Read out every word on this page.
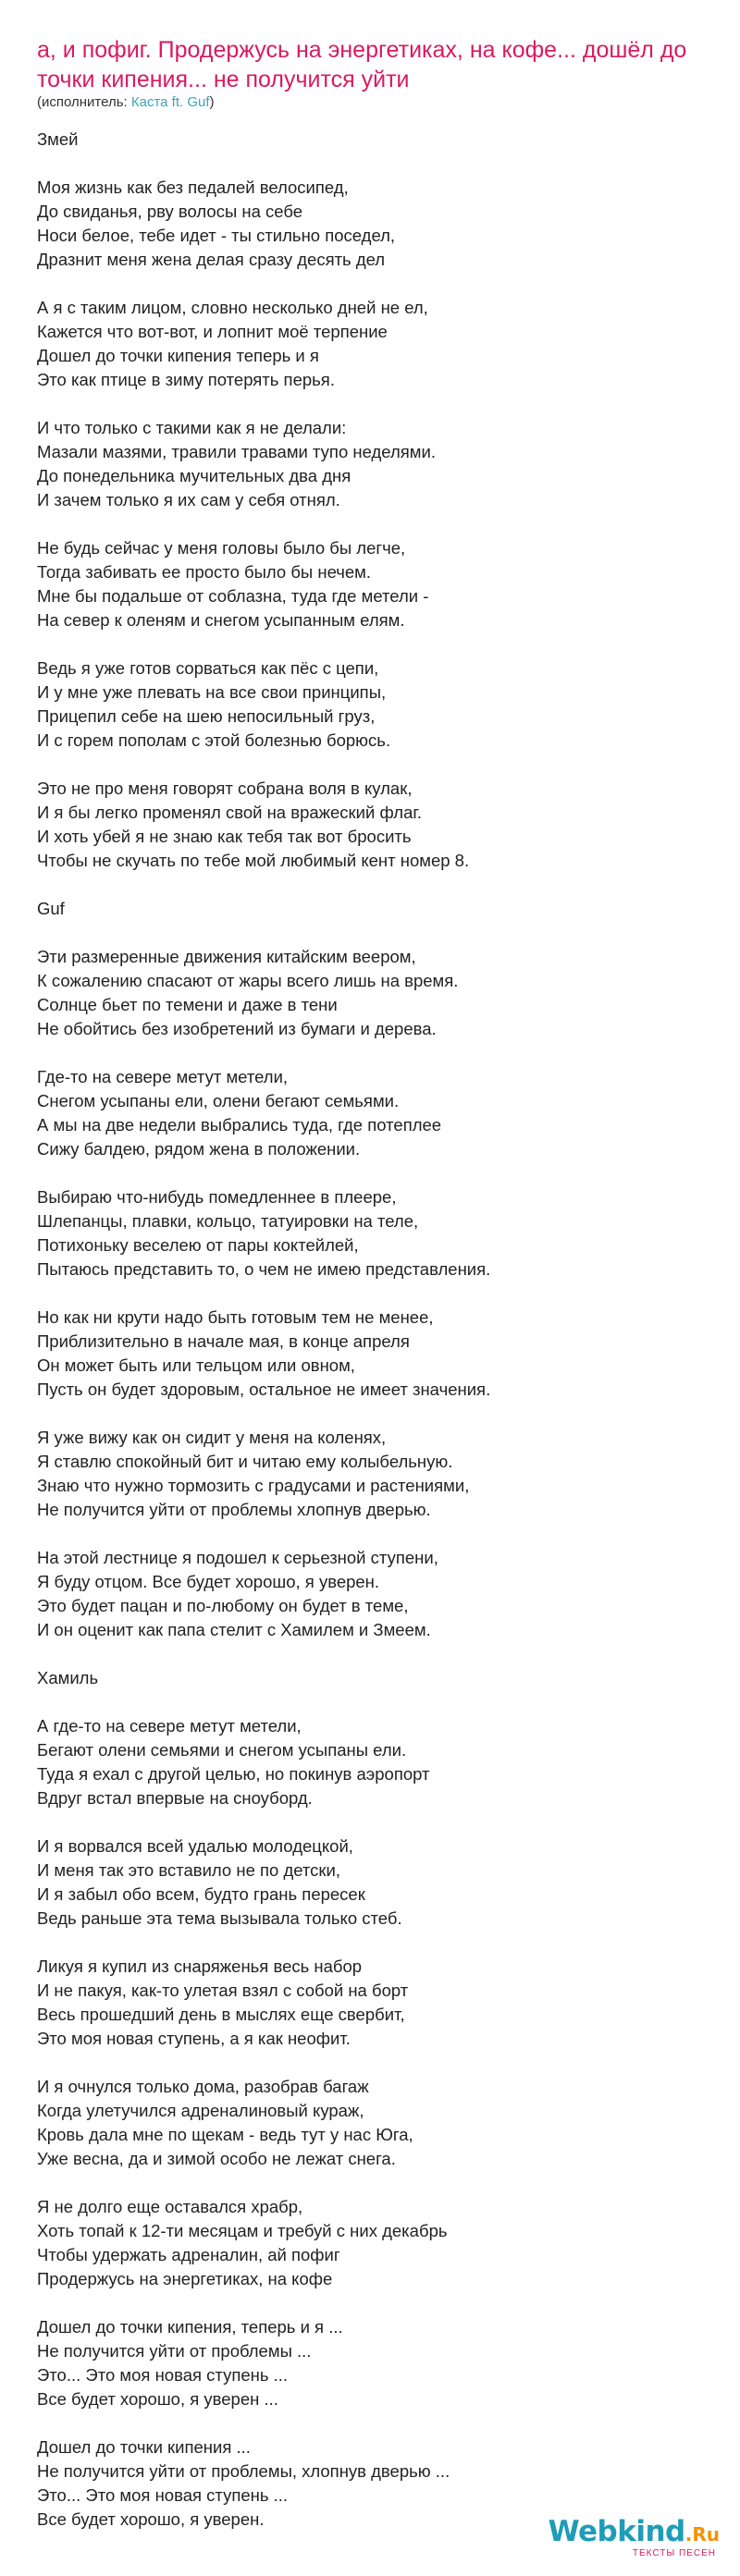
а, и пофиг. Продержусь на энергетиках, на кофе... дошёл до точки кипения... не получится уйти
(исполнитель: Каста ft. Guf)
Змей
Моя жизнь как без педалей велосипед,
До свиданья, рву волосы на себе
Носи белое, тебе идет - ты стильно поседел,
Дразнит меня жена делая сразу десять дел
А я с таким лицом, словно несколько дней не ел,
Кажется что вот-вот, и лопнит моё терпение
Дошел до точки кипения теперь и я
Это как птице в зиму потерять перья.
И что только с такими как я не делали:
Мазали мазями, травили травами тупо неделями.
До понедельника мучительных два дня
И зачем только я их сам у себя отнял.
Не будь сейчас у меня головы было бы легче,
Тогда забивать ее просто было бы нечем.
Мне бы подальше от соблазна, туда где метели -
На север к оленям и снегом усыпанным елям.
Ведь я уже готов сорваться как пёс с цепи,
И у мне уже плевать на все свои принципы,
Прицепил себе на шею непосильный груз,
И с горем пополам с этой болезнью борюсь.
Это не про меня говорят собрана воля в кулак,
И я бы легко променял свой на вражеский флаг.
И хоть убей я не знаю как тебя так вот бросить
Чтобы не скучать по тебе мой любимый кент номер 8.
Guf
Эти размеренные движения китайским веером,
К сожалению спасают от жары всего лишь на время.
Солнце бьет по темени и даже в тени
Не обойтись без изобретений из бумаги и дерева.
Где-то на севере метут метели,
Снегом усыпаны ели, олени бегают семьями.
А мы на две недели выбрались туда, где потеплее
Сижу балдею, рядом жена в положении.
Выбираю что-нибудь помедленнее в плеере,
Шлепанцы, плавки, кольцо, татуировки на теле,
Потихоньку веселею от пары коктейлей,
Пытаюсь представить то, о чем не имею представления.
Но как ни крути надо быть готовым тем не менее,
Приблизительно в начале мая, в конце апреля
Он может быть или тельцом или овном,
Пусть он будет здоровым, остальное не имеет значения.
Я уже вижу как он сидит у меня на коленях,
Я ставлю спокойный бит и читаю ему колыбельную.
Знаю что нужно тормозить с градусами и растениями,
Не получится уйти от проблемы хлопнув дверью.
На этой лестнице я подошел к серьезной ступени,
Я буду отцом. Все будет хорошо, я уверен.
Это будет пацан и по-любому он будет в теме,
И он оценит как папа стелит с Хамилем и Змеем.
Хамиль
А где-то на севере метут метели,
Бегают олени семьями и снегом усыпаны ели.
Туда я ехал с другой целью, но покинув аэропорт
Вдруг встал впервые на сноуборд.
И я ворвался всей удалью молодецкой,
И меня так это вставило не по детски,
И я забыл обо всем, будто грань пересек
Ведь раньше эта тема вызывала только стеб.
Ликуя я купил из снаряженья весь набор
И не пакуя, как-то улетая взял с собой на борт
Весь прошедший день в мыслях еще свербит,
Это моя новая ступень, а я как неофит.
И я очнулся только дома, разобрав багаж
Когда улетучился адреналиновый кураж,
Кровь дала мне по щекам - ведь тут у нас Юга,
Уже весна, да и зимой особо не лежат снега.
Я не долго еще оставался храбр,
Хоть топай к 12-ти месяцам и требуй с них декабрь
Чтобы удержать адреналин, ай пофиг
Продержусь на энергетиках, на кофе
Дошел до точки кипения, теперь и я ...
Не получится уйти от проблемы ...
Это... Это моя новая ступень ...
Все будет хорошо, я уверен ...
Дошел до точки кипения ...
Не получится уйти от проблемы, хлопнув дверью ...
Это... Это моя новая ступень ...
Все будет хорошо, я уверен.	Webkind.Ru
ТЕКСТЫ ПЕСЕН
